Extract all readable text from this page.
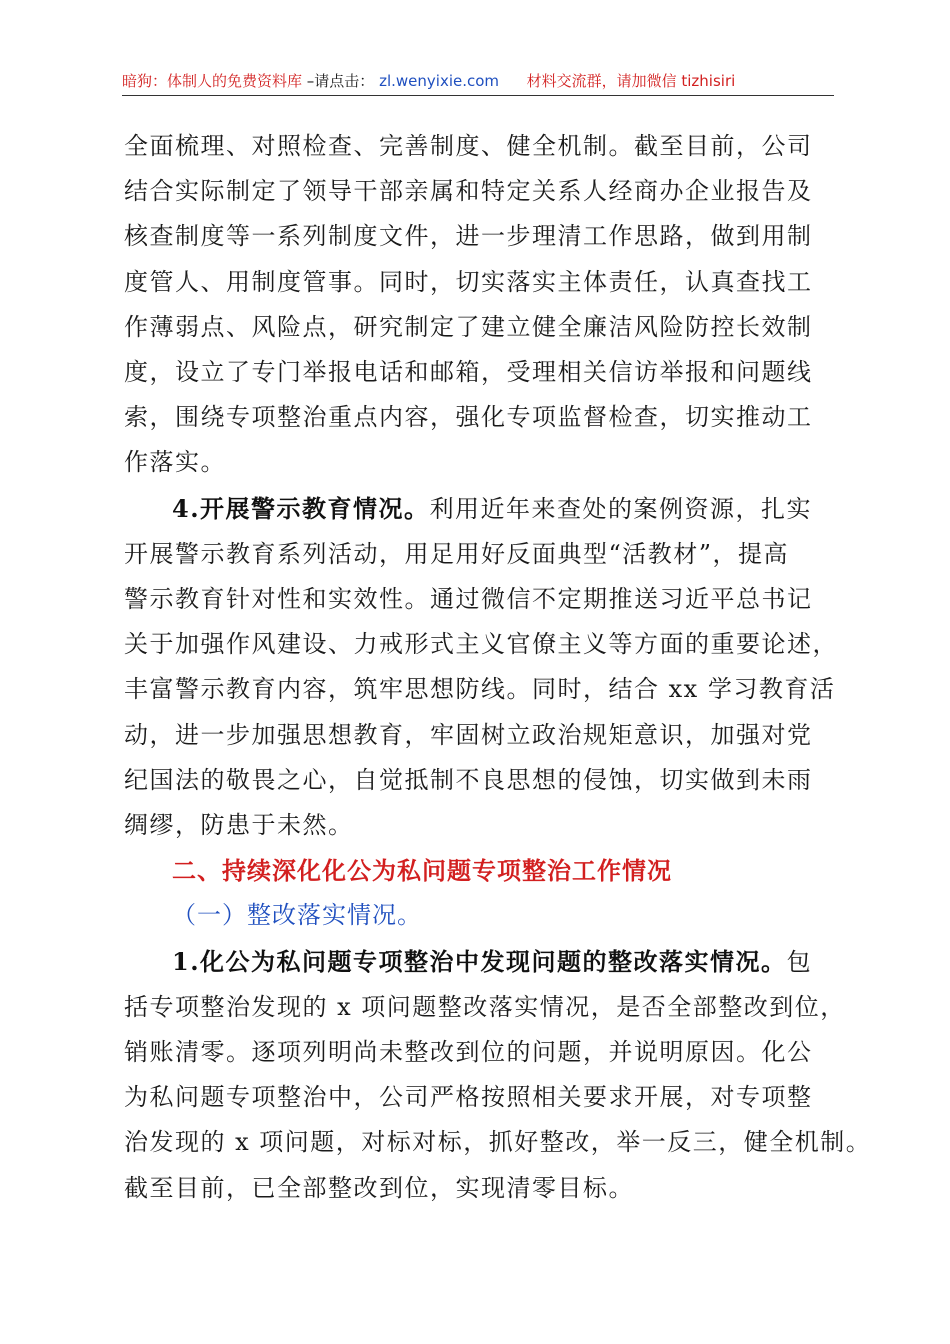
暗狗：体制人的免费资料库 –请点击： zl.wenyixie.com 材料交流群，请加微信 tizhisiri
全面梳理、对照检查、完善制度、健全机制。截至目前，公司
结合实际制定了领导干部亲属和特定关系人经商办企业报告及
核查制度等一系列制度文件，进一步理清工作思路，做到用制
度管人、用制度管事。同时，切实落实主体责任，认真查找工
作薄弱点、风险点，研究制定了建立健全廉洁风险防控长效制
度，设立了专门举报电话和邮箱，受理相关信访举报和问题线
索，围绕专项整治重点内容，强化专项监督检查，切实推动工
作落实。
4.开展警示教育情况。利用近年来查处的案例资源，扎实
开展警示教育系列活动，用足用好反面典型“活教材”，提高
警示教育针对性和实效性。通过微信不定期推送习近平总书记
关于加强作风建设、力戒形式主义官僚主义等方面的重要论述，
丰富警示教育内容，筑牢思想防线。同时，结合 xx 学习教育活
动，进一步加强思想教育，牢固树立政治规矩意识，加强对党
纪国法的敬畏之心，自觉抵制不良思想的侵蚀，切实做到未雨
绸缪，防患于未然。
二、持续深化化公为私问题专项整治工作情况
（一）整改落实情况。
1.化公为私问题专项整治中发现问题的整改落实情况。包
括专项整治发现的 x 项问题整改落实情况，是否全部整改到位，
销账清零。逐项列明尚未整改到位的问题，并说明原因。化公
为私问题专项整治中，公司严格按照相关要求开展，对专项整
治发现的 x 项问题，对标对标，抓好整改，举一反三，健全机制。
截至目前，已全部整改到位，实现清零目标。
